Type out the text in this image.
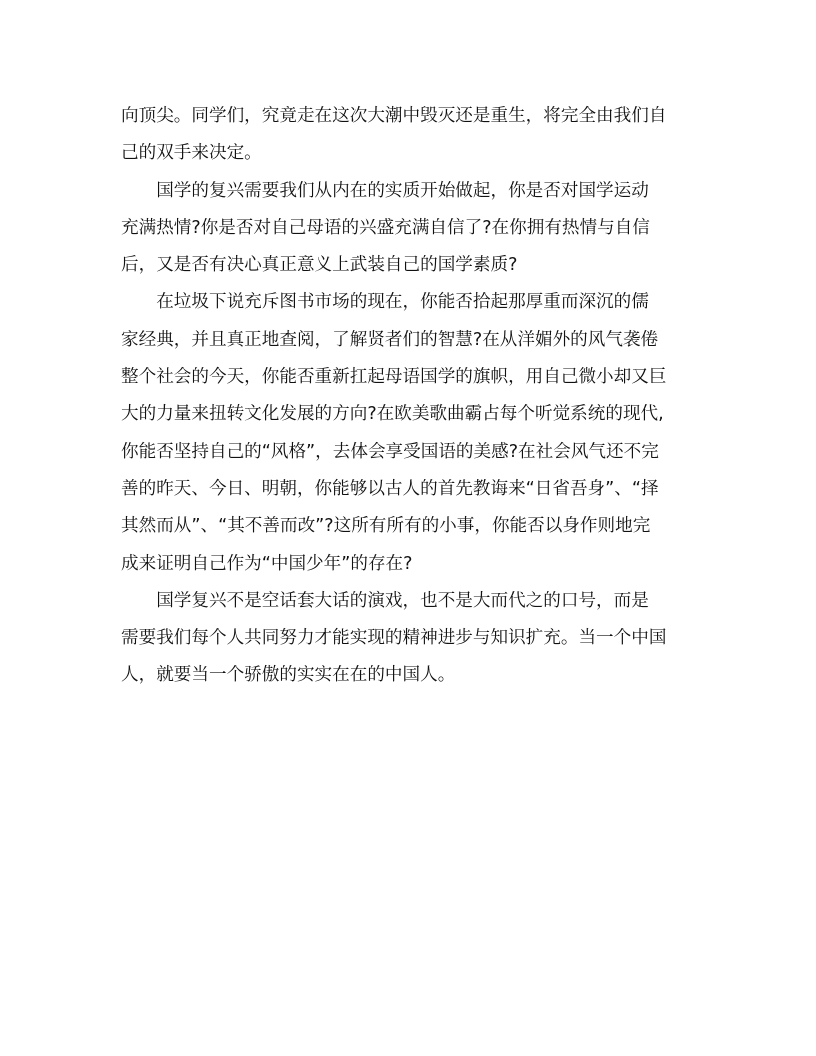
向顶尖。同学们，究竟走在这次大潮中毁灭还是重生，将完全由我们自
己的双手来决定。

国学的复兴需要我们从内在的实质开始做起，你是否对国学运动
充满热情?你是否对自己母语的兴盛充满自信了?在你拥有热情与自信
后，又是否有决心真正意义上武装自己的国学素质?

在垃圾下说充斥图书市场的现在，你能否拾起那厚重而深沉的儒
家经典，并且真正地查阅，了解贤者们的智慧?在从洋媚外的风气袭倦
整个社会的今天，你能否重新扛起母语国学的旗帜，用自己微小却又巨
大的力量来扭转文化发展的方向?在欧美歌曲霸占每个听觉系统的现代,
你能否坚持自己的“风格”，去体会享受国语的美感?在社会风气还不完
善的昨天、今日、明朝，你能够以古人的首先教诲来“日省吾身”、“择
其然而从”、“其不善而改”?这所有所有的小事，你能否以身作则地完
成来证明自己作为“中国少年”的存在?

国学复兴不是空话套大话的演戏，也不是大而代之的口号，而是
需要我们每个人共同努力才能实现的精神进步与知识扩充。当一个中国
人，就要当一个骄傲的实实在在的中国人。
